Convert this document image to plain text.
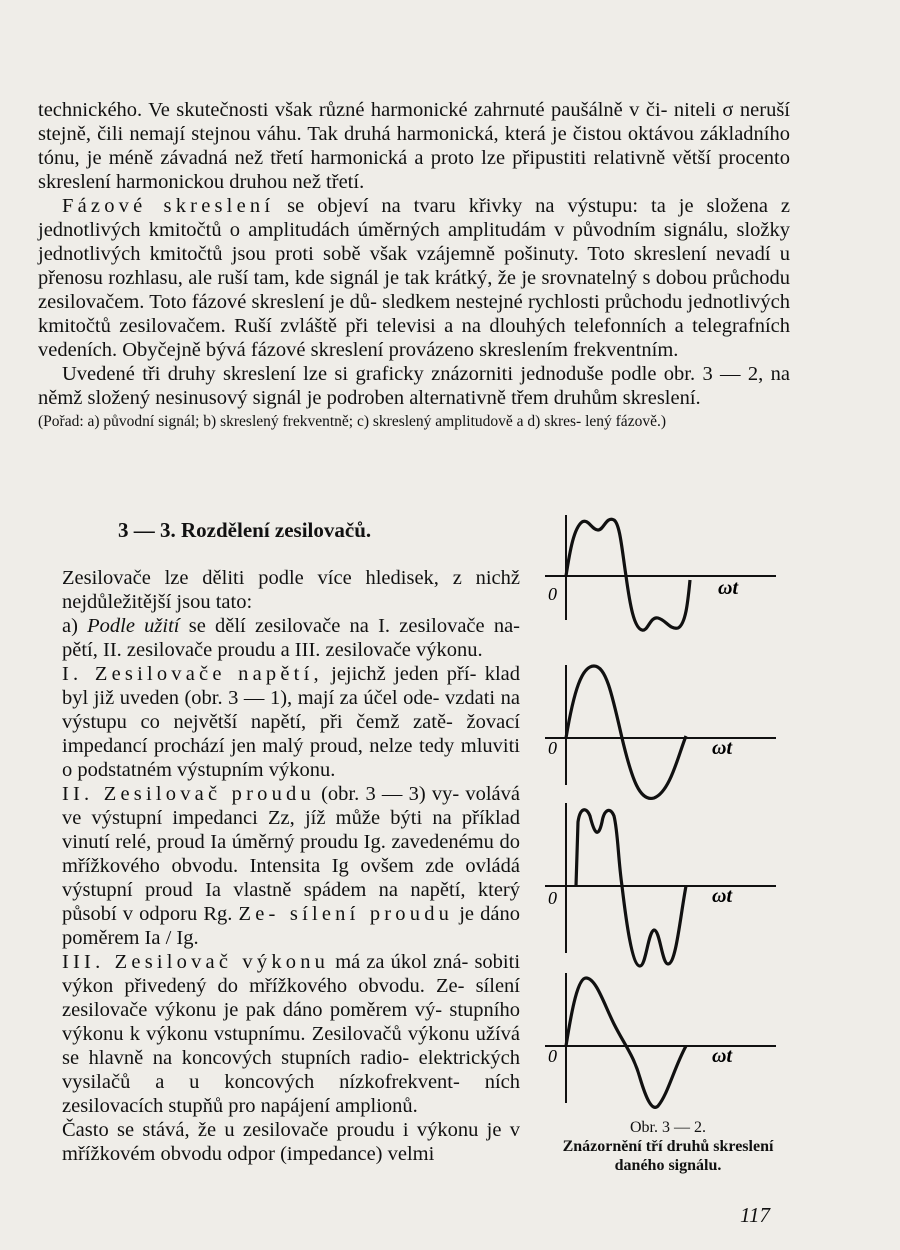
technického. Ve skutečnosti však různé harmonické zahrnuté paušálně v či- niteli σ neruší stejně, čili nemají stejnou váhu. Tak druhá harmonická, která je čistou oktávou základního tónu, je méně závadná než třetí harmonická a proto lze připustiti relativně větší procento skreslení harmonickou druhou než třetí.

Fázové skreslení se objeví na tvaru křivky na výstupu: ta je složena z jednotlivých kmitočtů o amplitudách úměrných amplitudám v původním signálu, složky jednotlivých kmitočtů jsou proti sobě však vzájemně pošinuty. Toto skreslení nevadí u přenosu rozhlasu, ale ruší tam, kde signál je tak krátký, že je srovnatelný s dobou průchodu zesilovačem. Toto fázové skreslení je dů- sledkem nestejné rychlosti průchodu jednotlivých kmitočtů zesilovačem. Ruší zvláště při televisi a na dlouhých telefonních a telegrafních vedeních. Obyčejně bývá fázové skreslení provázeno skreslením frekventním.

Uvedené tři druhy skreslení lze si graficky znázorniti jednoduše podle obr. 3 — 2, na němž složený nesinusový signál je podroben alternativně třem druhům skreslení.

(Pořad: a) původní signál; b) skreslený frekventně; c) skreslený amplitudově a d) skres- lený fázově.)
3 — 3. Rozdělení zesilovačů.

Zesilovače lze děliti podle více hledisek, z nichž nejdůležitější jsou tato:

a) Podle užití se dělí zesilovače na I. zesilovače na- pětí, II. zesilovače proudu a III. zesilovače výkonu.

I. Zesilovače napětí, jejichž jeden pří- klad byl již uveden (obr. 3 — 1), mají za účel ode- vzdati na výstupu co největší napětí, při čemž zatě- žovací impedancí prochází jen malý proud, nelze tedy mluviti o podstatném výstupním výkonu.

II. Zesilovač proudu (obr. 3 — 3) vy- volává ve výstupní impedanci Zz, jíž může býti na příklad vinutí relé, proud Ia úměrný proudu Ig. zavedenému do mřížkového obvodu. Intensita Ig ovšem zde ovládá výstupní proud Ia vlastně spádem na napětí, který působí v odporu Rg. Ze- sílení proudu je dáno poměrem Ia / Ig.

III. Zesilovač výkonu má za úkol zná- sobiti výkon přivedený do mřížkového obvodu. Ze- sílení zesilovače výkonu je pak dáno poměrem vý- stupního výkonu k výkonu vstupnímu. Zesilovačů výkonu užívá se hlavně na koncových stupních radio- elektrických vysilačů a u koncových nízkofrekvent- ních zesilovacích stupňů pro napájení amplionů.

Často se stává, že u zesilovače proudu i výkonu je v mřížkovém obvodu odpor (impedance) velmi

0	ωt
0	ωt
0	ωt
0	ωt
Obr. 3 — 2.
Znázornění tří druhů skreslení daného signálu.
117
